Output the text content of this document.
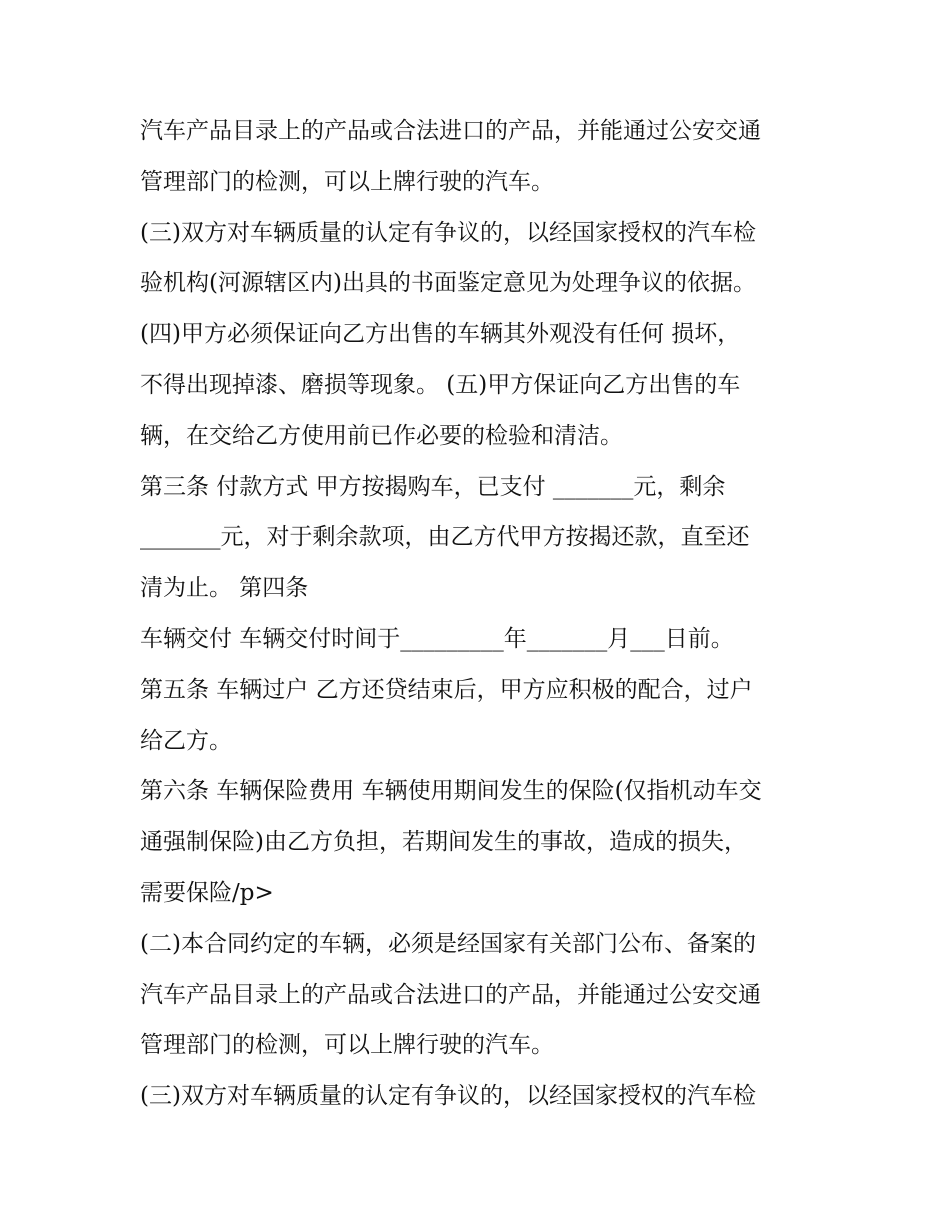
汽车产品目录上的产品或合法进口的产品，并能通过公安交通
管理部门的检测，可以上牌行驶的汽车。
(三)双方对车辆质量的认定有争议的，以经国家授权的汽车检
验机构(河源辖区内)出具的书面鉴定意见为处理争议的依据。
(四)甲方必须保证向乙方出售的车辆其外观没有任何 损坏，
不得出现掉漆、磨损等现象。 (五)甲方保证向乙方出售的车
辆，在交给乙方使用前已作必要的检验和清洁。
第三条 付款方式 甲方按揭购车，已支付 _______元，剩余
_______元，对于剩余款项，由乙方代甲方按揭还款，直至还
清为止。 第四条
车辆交付 车辆交付时间于_________年_______月___日前。
第五条 车辆过户 乙方还贷结束后，甲方应积极的配合，过户
给乙方。
第六条 车辆保险费用 车辆使用期间发生的保险(仅指机动车交
通强制保险)由乙方负担，若期间发生的事故，造成的损失，
需要保险/p>
(二)本合同约定的车辆，必须是经国家有关部门公布、备案的
汽车产品目录上的产品或合法进口的产品，并能通过公安交通
管理部门的检测，可以上牌行驶的汽车。
(三)双方对车辆质量的认定有争议的，以经国家授权的汽车检
